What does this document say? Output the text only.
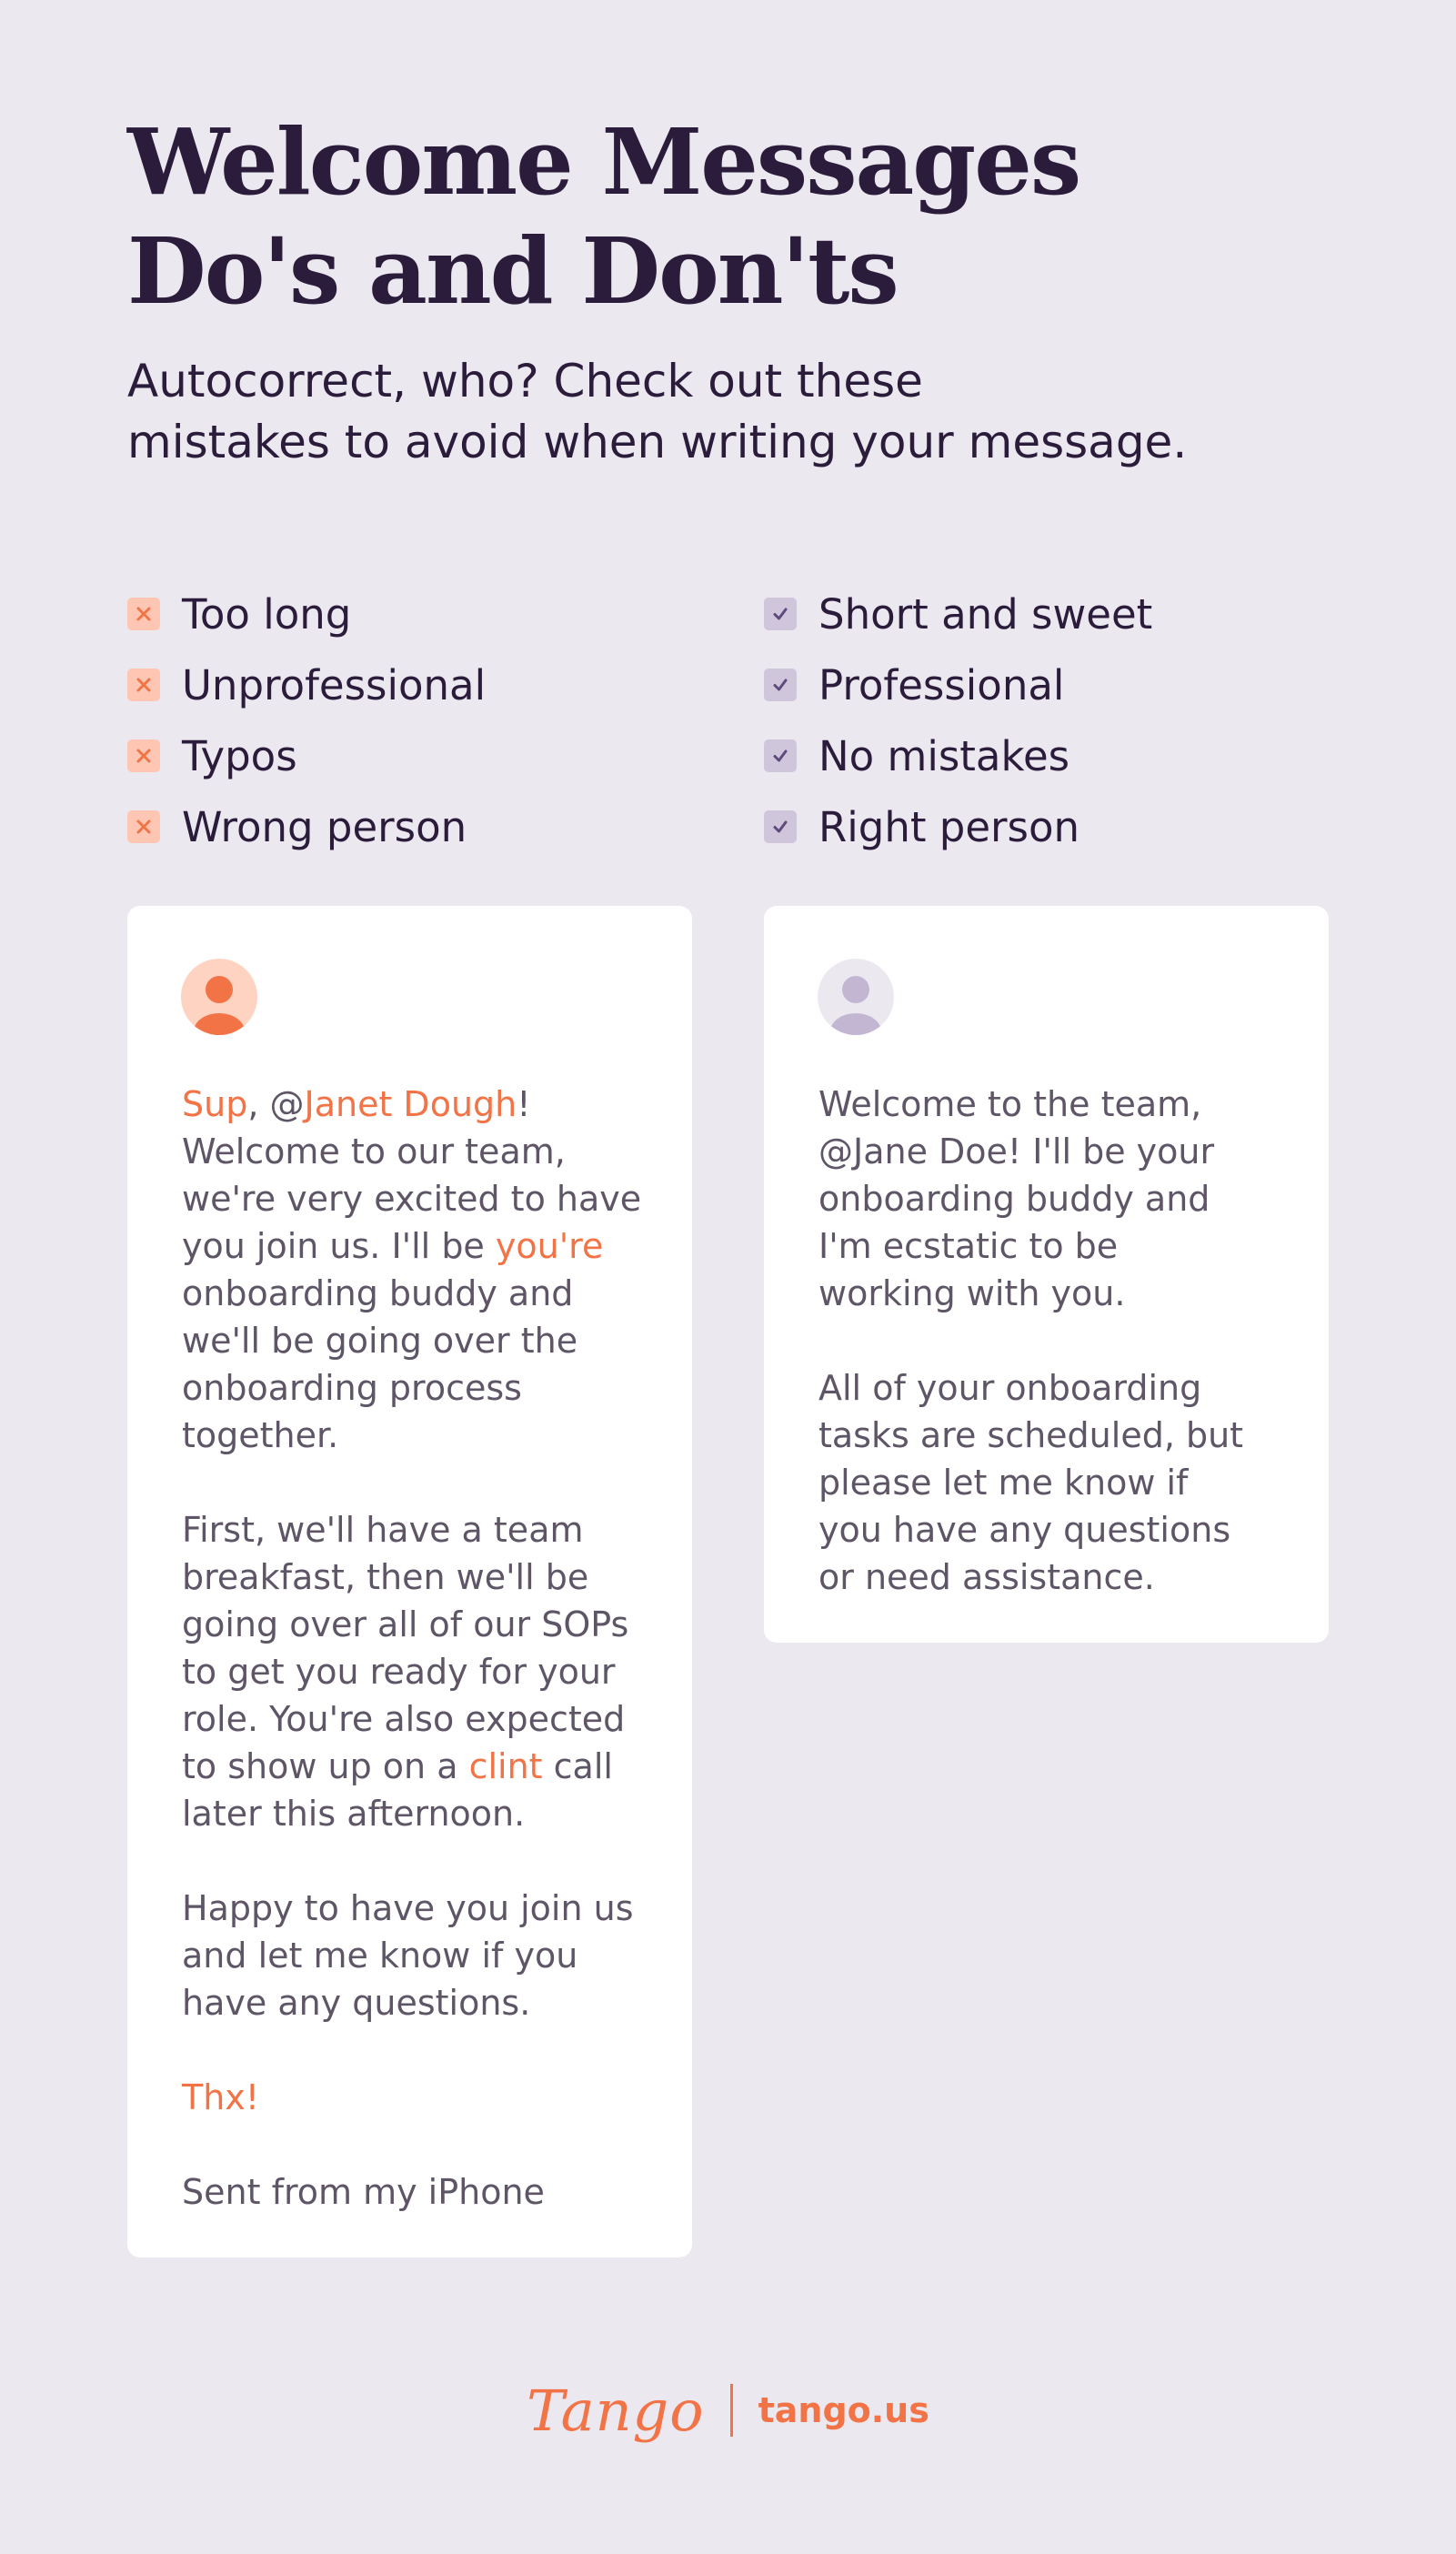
Welcome Messages
Do's and Don'ts

Autocorrect, who? Check out these
mistakes to avoid when writing your message.

Too long
Unprofessional
Typos
Wrong person
Short and sweet
Professional
No mistakes
Right person

Sup, @Janet Dough! Welcome to our team, we're very excited to have you join us. I'll be you're onboarding buddy and we'll be going over the onboarding process together.

First, we'll have a team breakfast, then we'll be going over all of our SOPs to get you ready for your role. You're also expected to show up on a clint call later this afternoon.

Happy to have you join us and let me know if you have any questions.

Thx!

Sent from my iPhone

Welcome to the team, @Jane Doe! I'll be your onboarding buddy and I'm ecstatic to be working with you.

All of your onboarding tasks are scheduled, but please let me know if you have any questions or need assistance.

Tango tango.us
